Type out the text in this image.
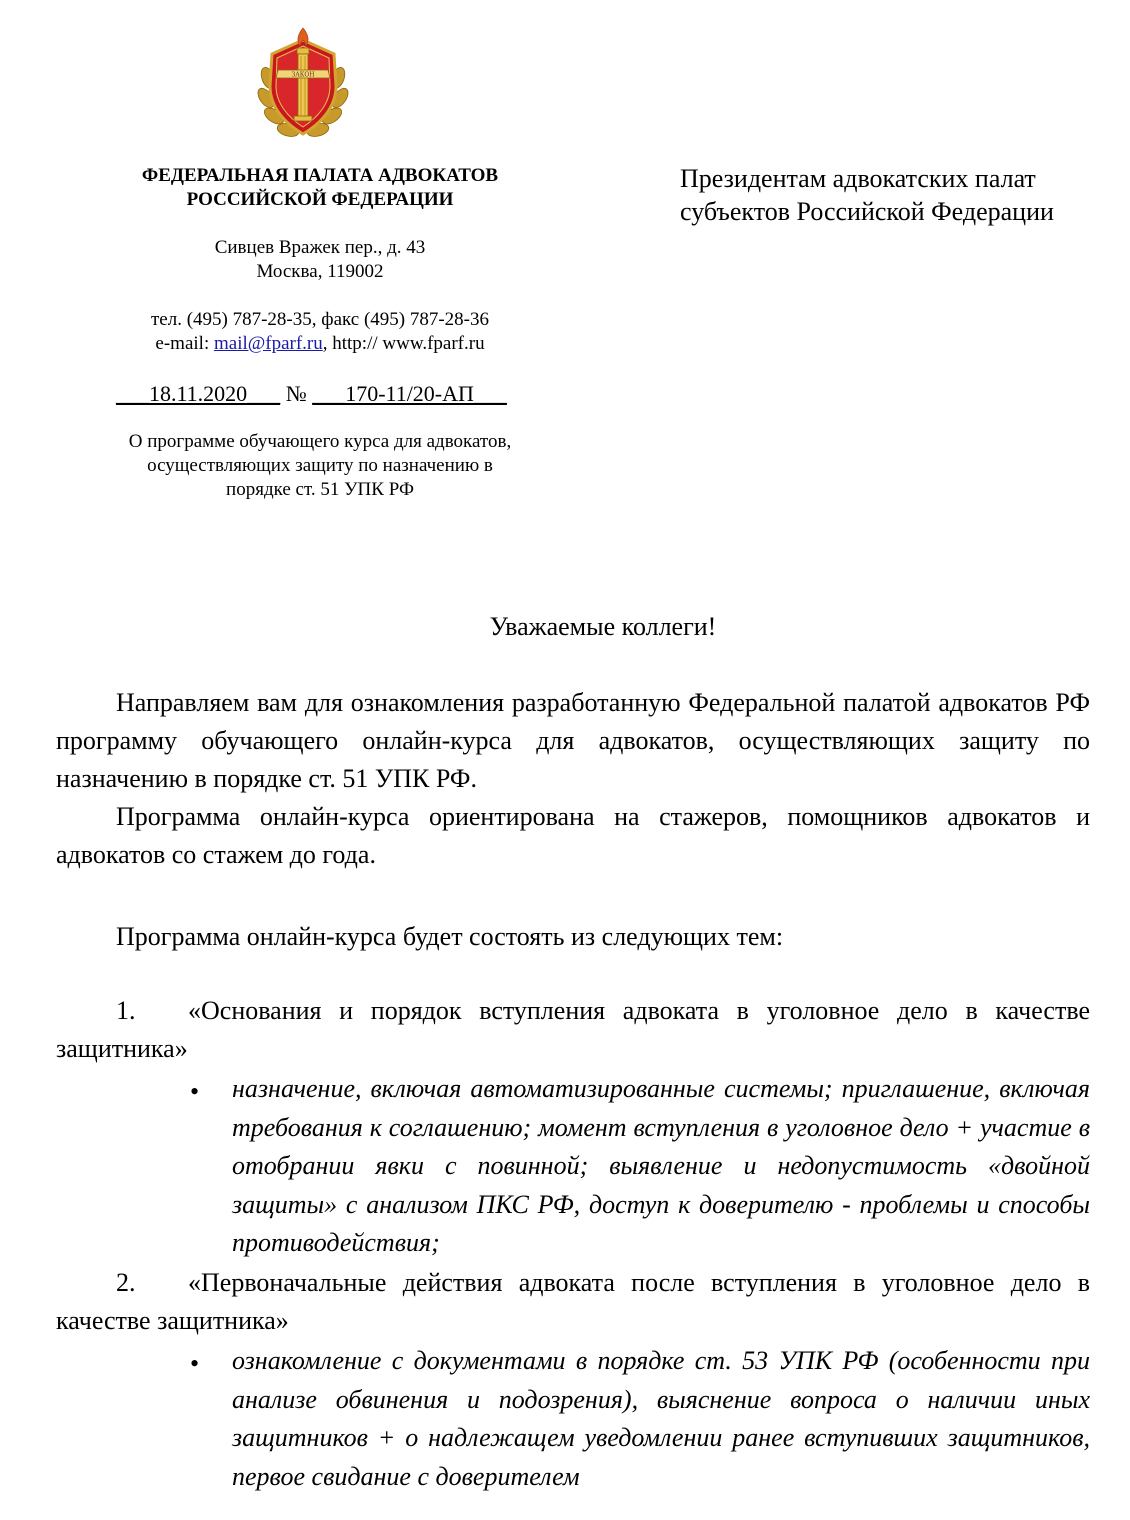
ЗАКОН
ФЕДЕРАЛЬНАЯ ПАЛАТА АДВОКАТОВ
РОССИЙСКОЙ ФЕДЕРАЦИИ
Сивцев Вражек пер., д. 43
Москва, 119002
тел. (495) 787-28-35, факс (495) 787-28-36
e-mail: mail@fparf.ru, http:// www.fparf.ru
___18.11.2020___ № ___170-11/20-АП___
О программе обучающего курса для адвокатов,
осуществляющих защиту по назначению в
порядке ст. 51 УПК РФ
Президентам адвокатских палат
субъектов Российской Федерации
Уважаемые коллеги!

Направляем вам для ознакомления разработанную Федеральной палатой адвокатов РФ программу обучающего онлайн-курса для адвокатов, осуществляющих защиту по назначению в порядке ст. 51 УПК РФ.

Программа онлайн-курса ориентирована на стажеров, помощников адвокатов и адвокатов со стажем до года.

Программа онлайн-курса будет состоять из следующих тем:

1. «Основания и порядок вступления адвоката в уголовное дело в качестве защитника»
• назначение, включая автоматизированные системы; приглашение, включая требования к соглашению; момент вступления в уголовное дело + участие в отобрании явки с повинной; выявление и недопустимость «двойной защиты» с анализом ПКС РФ, доступ к доверителю - проблемы и способы противодействия;
2. «Первоначальные действия адвоката после вступления в уголовное дело в качестве защитника»
• ознакомление с документами в порядке ст. 53 УПК РФ (особенности при анализе обвинения и подозрения), выяснение вопроса о наличии иных защитников + о надлежащем уведомлении ранее вступивших защитников, первое свидание с доверителем
